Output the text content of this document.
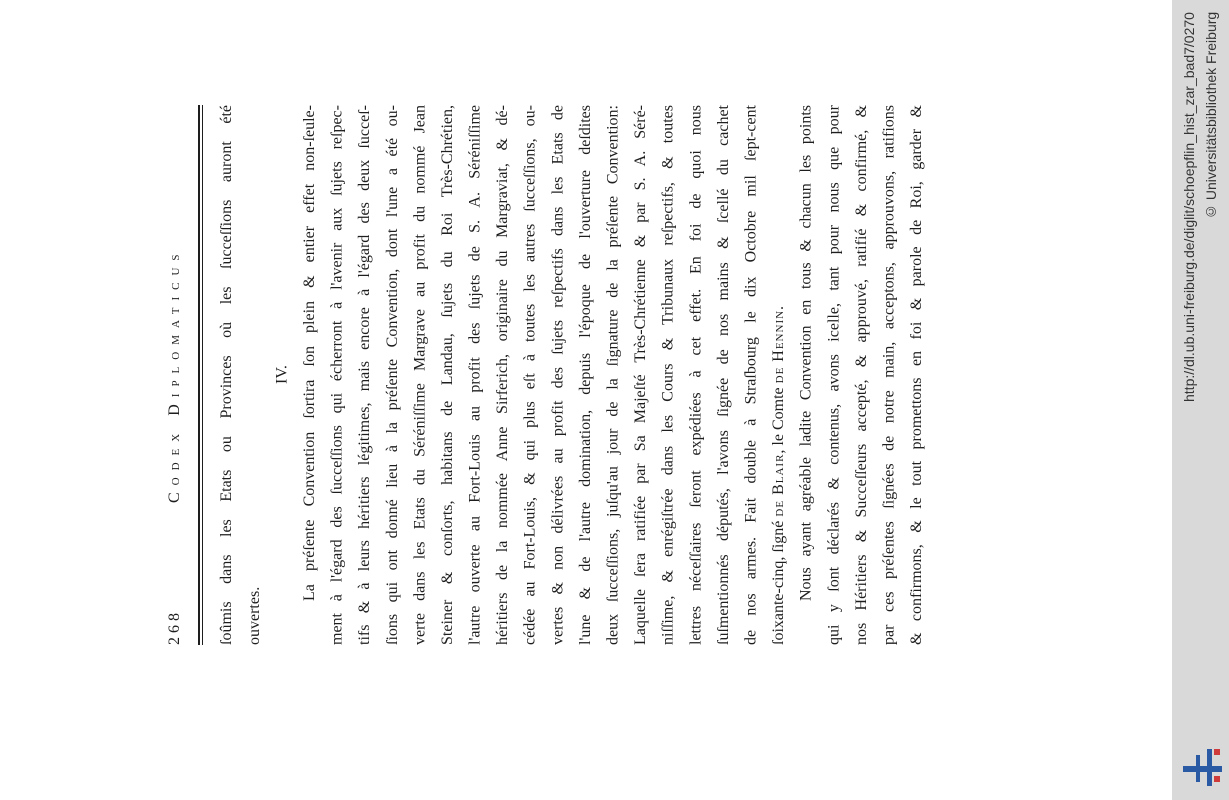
268
Codex Diplomaticus	ſoûmis dans les Etats ou Provinces où les ſucceſſions auront été ouvertes.
IV. La préſente Convention ſortira ſon plein & entier effet non-ſeule- ment à l'égard des ſucceſſions qui écherront à l'avenir aux ſujets reſpec- tifs & à leurs héritiers légitimes, mais encore à l'égard des deux ſucceſ- ſions qui ont donné lieu à la préſente Convention, dont l'une a été ou- verte dans les Etats du Séréniſſime Margrave au profit du nommé Jean Steiner & conſorts, habitans de Landau, ſujets du Roi Très-Chrétien, l'autre ouverte au Fort-Louis au profit des ſujets de S. A. Séréniſſime héritiers de la nommée Anne Sirferich, originaire du Margraviat, & dé- cédée au Fort-Louis, & qui plus eſt à toutes les autres ſucceſſions, ou- vertes & non délivrées au profit des ſujets reſpectifs dans les Etats de l'une & de l'autre domination, depuis l'époque de l'ouverture deſdites deux ſucceſſions, juſqu'au jour de la ſignature de la préſente Convention: Laquelle ſera ratifiée par Sa Majeſté Très-Chrétienne & par S. A. Séré- niſſime, & enrégiſtrée dans les Cours & Tribunaux reſpectifs, & toutes lettres néceſſaires ſeront expédiées à cet effet. En foi de quoi nous ſuſmentionnés députés, l'avons ſignée de nos mains & ſcellé du cachet de nos armes. Fait double à Straſbourg le dix Octobre mil ſept-cent ſoixante-cinq, ſigné de Blair, le Comte de Hennin. Nous ayant agréable ladite Convention en tous & chacun les points qui y ſont déclarés & contenus, avons icelle, tant pour nous que pour nos Héritiers & Succeſſeurs accepté, & approuvé, ratifié & confirmé, & par ces préſentes ſignées de notre main, acceptons, approuvons, ratifions & confirmons, & le tout promettons en foi & parole de Roi, garder &	http://dl.ub.uni-freiburg.de/diglit/schoepflin_hist_zar_bad7/0270 © Universitätsbibliothek Freiburg
